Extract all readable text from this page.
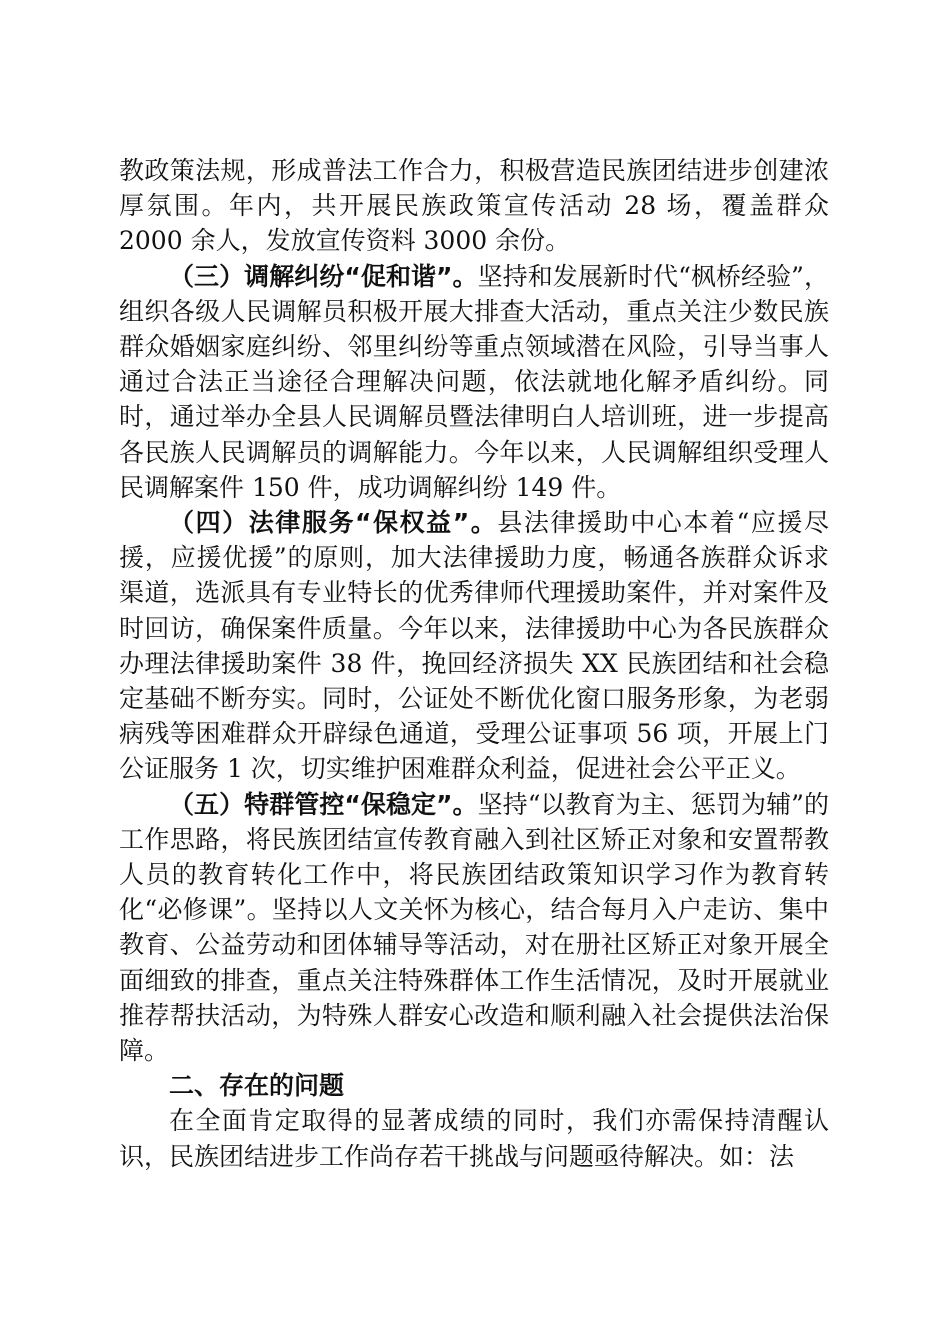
教政策法规，形成普法工作合力，积极营造民族团结进步创建浓厚氛围。年内，共开展民族政策宣传活动 28 场，覆盖群众 2000 余人，发放宣传资料 3000 余份。

（三）调解纠纷“促和谐”。坚持和发展新时代“枫桥经验”，组织各级人民调解员积极开展大排查大活动，重点关注少数民族群众婚姻家庭纠纷、邻里纠纷等重点领域潜在风险，引导当事人通过合法正当途径合理解决问题，依法就地化解矛盾纠纷。同时，通过举办全县人民调解员暨法律明白人培训班，进一步提高各民族人民调解员的调解能力。今年以来，人民调解组织受理人民调解案件 150 件，成功调解纠纷 149 件。

（四）法律服务“保权益”。县法律援助中心本着“应援尽援，应援优援”的原则，加大法律援助力度，畅通各族群众诉求渠道，选派具有专业特长的优秀律师代理援助案件，并对案件及时回访，确保案件质量。今年以来，法律援助中心为各民族群众办理法律援助案件 38 件，挽回经济损失 XX 民族团结和社会稳定基础不断夯实。同时，公证处不断优化窗口服务形象，为老弱病残等困难群众开辟绿色通道，受理公证事项 56 项，开展上门公证服务 1 次，切实维护困难群众利益，促进社会公平正义。

（五）特群管控“保稳定”。坚持“以教育为主、惩罚为辅”的工作思路，将民族团结宣传教育融入到社区矫正对象和安置帮教人员的教育转化工作中，将民族团结政策知识学习作为教育转化“必修课”。坚持以人文关怀为核心，结合每月入户走访、集中教育、公益劳动和团体辅导等活动，对在册社区矫正对象开展全面细致的排查，重点关注特殊群体工作生活情况，及时开展就业推荐帮扶活动，为特殊人群安心改造和顺利融入社会提供法治保障。

二、存在的问题

在全面肯定取得的显著成绩的同时，我们亦需保持清醒认识，民族团结进步工作尚存若干挑战与问题亟待解决。如：法
